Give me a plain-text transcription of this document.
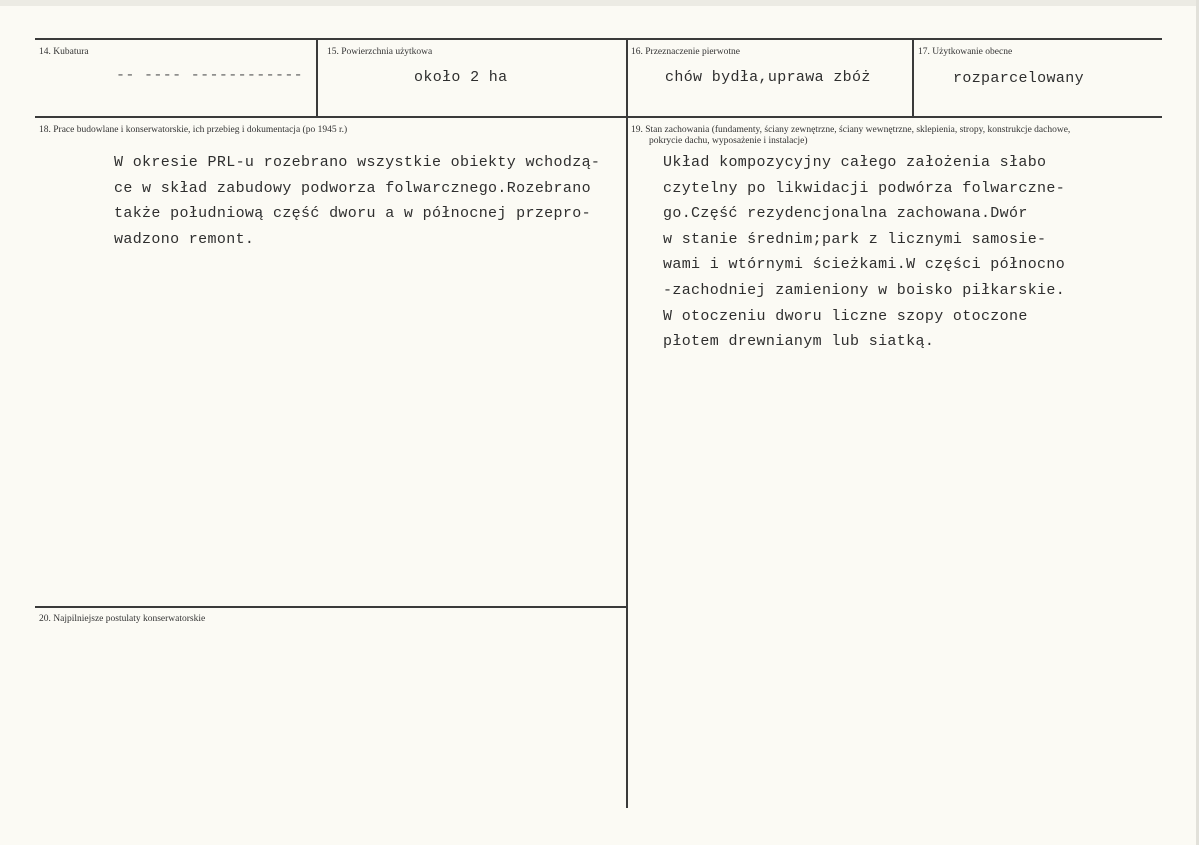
14. Kubatura
-- ---- ------------
15. Powierzchnia użytkowa
około 2 ha
16. Przeznaczenie pierwotne
chów bydła,uprawa zbóż
17. Użytkowanie obecne
rozparcelowany
18. Prace budowlane i konserwatorskie, ich przebieg i dokumentacja (po 1945 r.)
W okresie PRL-u rozebrano wszystkie obiekty wchodzą-
ce w skład zabudowy podworza folwarcznego.Rozebrano
także południową część dworu a w północnej przepro-
wadzono remont.
19. Stan zachowania (fundamenty, ściany zewnętrzne, ściany wewnętrzne, sklepienia, stropy, konstrukcje dachowe,
pokrycie dachu, wyposażenie i instalacje)
Układ kompozycyjny całego założenia słabo
czytelny po likwidacji podwórza folwarczne-
go.Część rezydencjonalna zachowana.Dwór
w stanie średnim;park z licznymi samosie-
wami i wtórnymi ścieżkami.W części północno
-zachodniej zamieniony w boisko piłkarskie.
W otoczeniu dworu liczne szopy otoczone
płotem drewnianym lub siatką.
20. Najpilniejsze postulaty konserwatorskie
